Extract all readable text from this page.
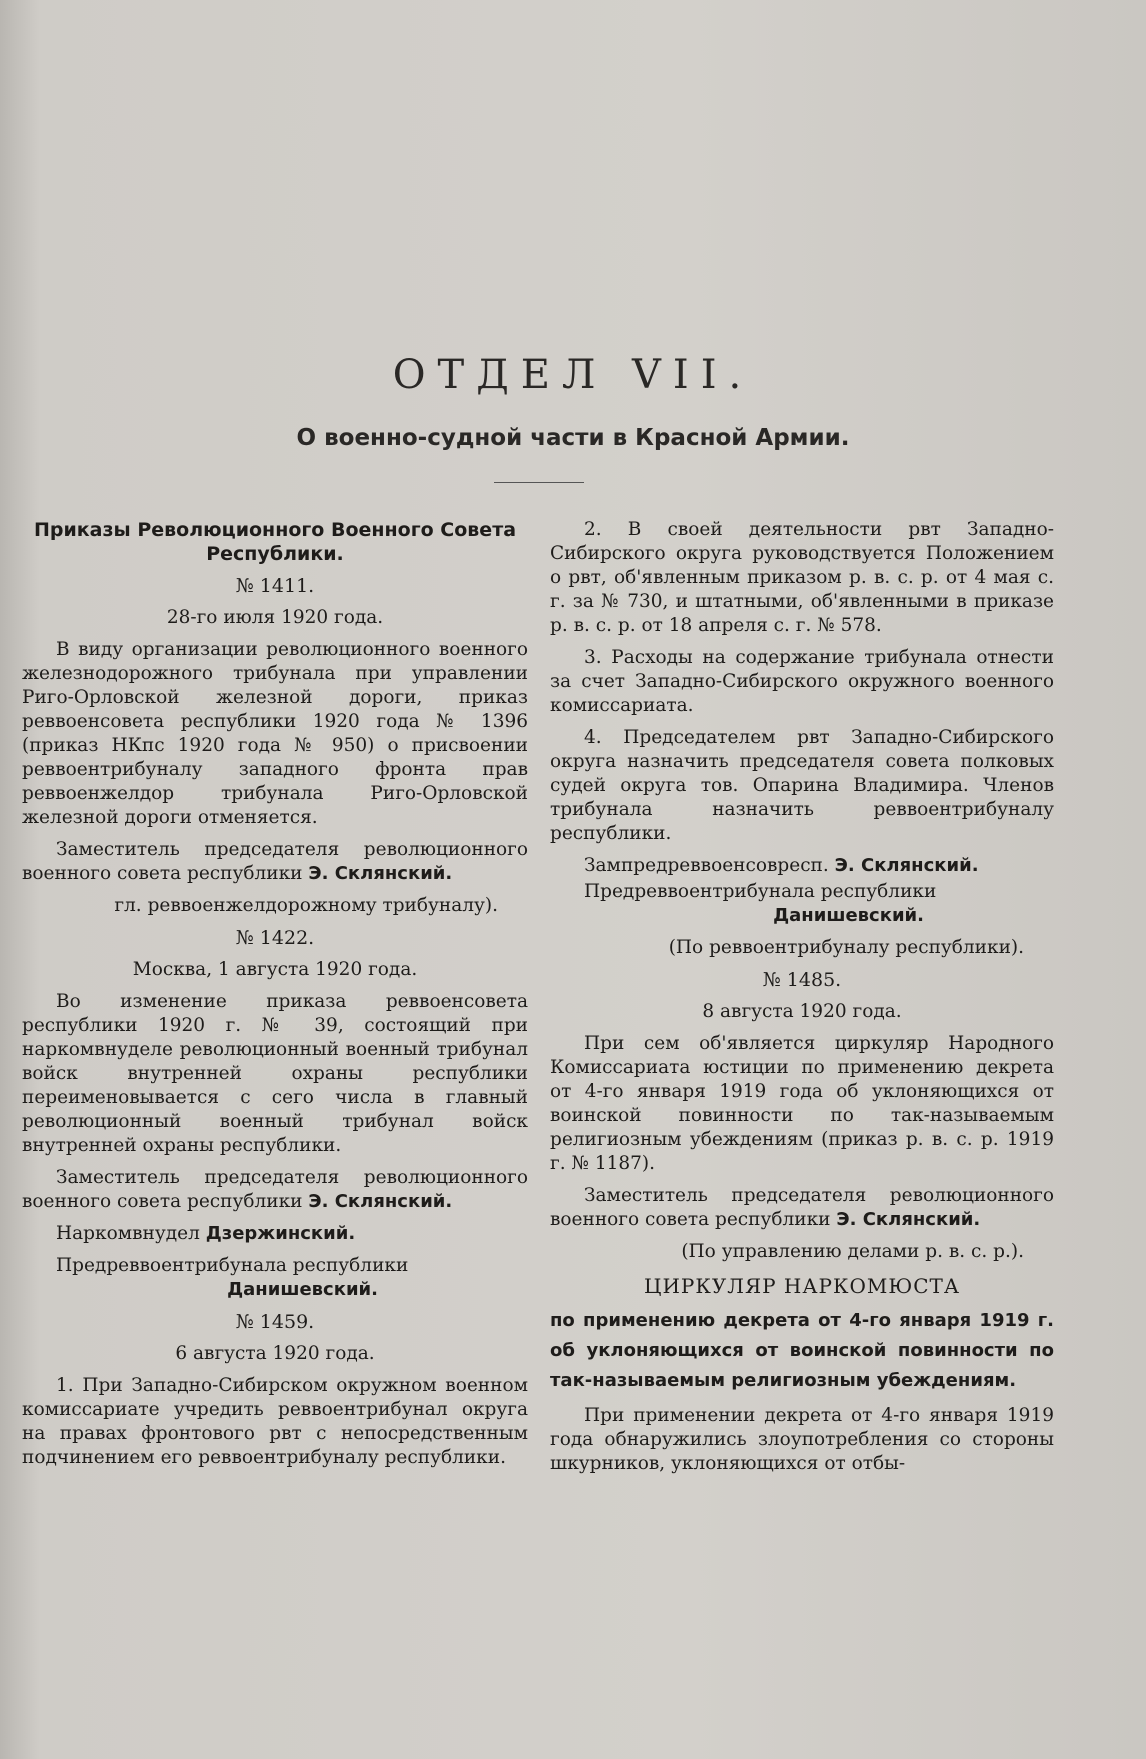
ОТДЕЛ VII.
О военно-судной части в Красной Армии.

Приказы Революционного Военного Совета Республики.

№ 1411.

28-го июля 1920 года.

В виду организации революционного военного железнодорожного трибунала при управлении Риго-Орловской железной дороги, приказ реввоенсовета республики 1920 года № 1396 (приказ НКпс 1920 года № 950) о присвоении реввоентрибуналу западного фронта прав реввоенжелдор трибунала Риго-Орловской железной дороги отменяется.

Заместитель председателя революционного военного совета республики Э. Склянский.

гл. реввоенжелдорожному трибуналу).

№ 1422.

Москва, 1 августа 1920 года.

Во изменение приказа реввоенсовета республики 1920 г. № 39, состоящий при наркомвнуделе революционный военный трибунал войск внутренней охраны республики переименовывается с сего числа в главный революционный военный трибунал войск внутренней охраны республики.

Заместитель председателя революционного военного совета республики Э. Склянский.

Наркомвнудел Дзержинский.

Предреввоентрибунала республики

Данишевский.

№ 1459.

6 августа 1920 года.

1. При Западно-Сибирском окружном военном комиссариате учредить реввоентрибунал округа на правах фронтового рвт с непосредственным подчинением его реввоентрибуналу республики.

2. В своей деятельности рвт Западно-Сибирского округа руководствуется Положением о рвт, об'явленным приказом р. в. с. р. от 4 мая с. г. за № 730, и штатными, об'явленными в приказе р. в. с. р. от 18 апреля с. г. № 578.

3. Расходы на содержание трибунала отнести за счет Западно-Сибирского окружного военного комиссариата.

4. Председателем рвт Западно-Сибирского округа назначить председателя совета полковых судей округа тов. Опарина Владимира. Членов трибунала назначить реввоентрибуналу республики.

Зампредреввоенсовресп. Э. Склянский.

Предреввоентрибунала республики

Данишевский.

(По реввоентрибуналу республики).

№ 1485.

8 августа 1920 года.

При сем об'является циркуляр Народного Комиссариата юстиции по применению декрета от 4-го января 1919 года об уклоняющихся от воинской повинности по так-называемым религиозным убеждениям (приказ р. в. с. р. 1919 г. № 1187).

Заместитель председателя революционного военного совета республики Э. Склянский.

(По управлению делами р. в. с. р.).

ЦИРКУЛЯР НАРКОМЮСТА

по применению декрета от 4-го января 1919 г. об уклоняющихся от воинской повинности по так-называемым религиозным убеждениям.

При применении декрета от 4-го января 1919 года обнаружились злоупотребления со стороны шкурников, уклоняющихся от отбы-
